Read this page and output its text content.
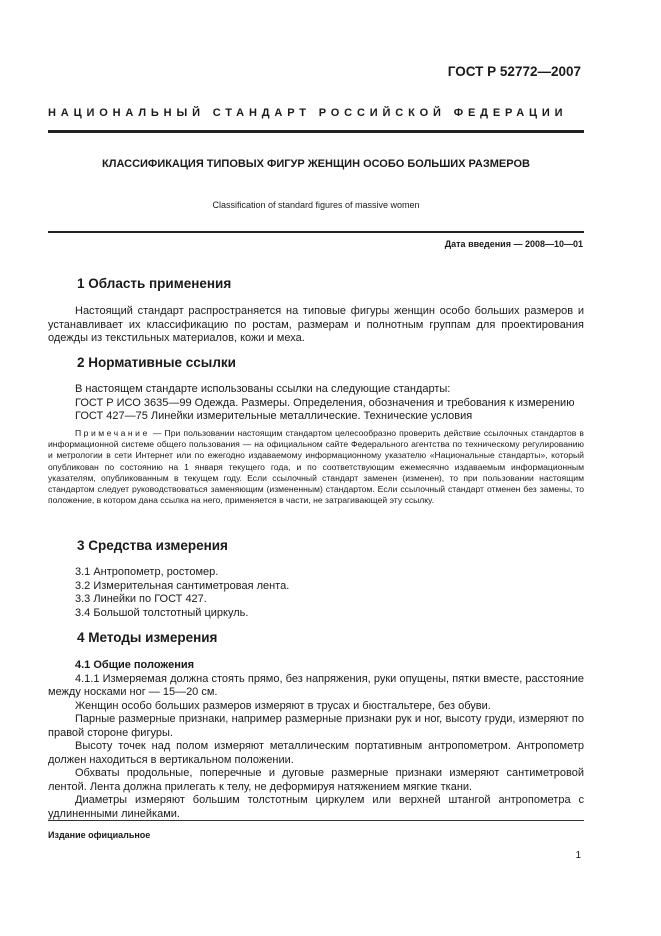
ГОСТ Р 52772—2007
НАЦИОНАЛЬНЫЙ СТАНДАРТ РОССИЙСКОЙ ФЕДЕРАЦИИ
КЛАССИФИКАЦИЯ ТИПОВЫХ ФИГУР ЖЕНЩИН ОСОБО БОЛЬШИХ РАЗМЕРОВ
Classification of standard figures of massive women
Дата введения — 2008—10—01
1 Область применения

Настоящий стандарт распространяется на типовые фигуры женщин особо больших размеров и устанавливает их классификацию по ростам, размерам и полнотным группам для проектирования одежды из текстильных материалов, кожи и меха.

2 Нормативные ссылки
В настоящем стандарте использованы ссылки на следующие стандарты:
ГОСТ Р ИСО 3635—99 Одежда. Размеры. Определения, обозначения и требования к измерению
ГОСТ 427—75 Линейки измерительные металлические. Технические условия

Примечание — При пользовании настоящим стандартом целесообразно проверить действие ссылочных стандартов в информационной системе общего пользования — на официальном сайте Федерального агентства по техническому регулированию и метрологии в сети Интернет или по ежегодно издаваемому информационному указателю «Национальные стандарты», который опубликован по состоянию на 1 января текущего года, и по соответствующим ежемесячно издаваемым информационным указателям, опубликованным в текущем году. Если ссылочный стандарт заменен (изменен), то при пользовании настоящим стандартом следует руководствоваться заменяющим (измененным) стандартом. Если ссылочный стандарт отменен без замены, то положение, в котором дана ссылка на него, применяется в части, не затрагивающей эту ссылку.

3 Средства измерения
3.1 Антропометр, ростомер.
3.2 Измерительная сантиметровая лента.
3.3 Линейки по ГОСТ 427.
3.4 Большой толстотный циркуль.
4 Методы измерения
4.1 Общие положения

4.1.1 Измеряемая должна стоять прямо, без напряжения, руки опущены, пятки вместе, расстояние между носками ног — 15—20 см.

Женщин особо больших размеров измеряют в трусах и бюстгальтере, без обуви.

Парные размерные признаки, например размерные признаки рук и ног, высоту груди, измеряют по правой стороне фигуры.

Высоту точек над полом измеряют металлическим портативным антропометром. Антропометр должен находиться в вертикальном положении.

Обхваты продольные, поперечные и дуговые размерные признаки измеряют сантиметровой лентой. Лента должна прилегать к телу, не деформируя натяжением мягкие ткани.

Диаметры измеряют большим толстотным циркулем или верхней штангой антропометра с удлиненными линейками.

Издание официальное
1
